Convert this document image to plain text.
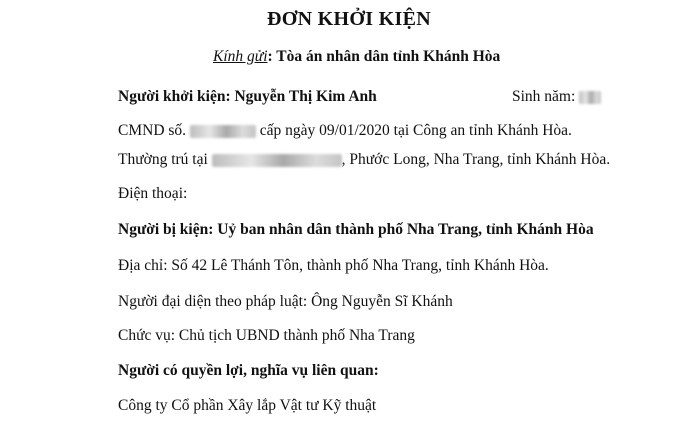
ĐƠN KHỞI KIỆN
Kính gửi: Tòa án nhân dân tỉnh Khánh Hòa
Người khởi kiện: Nguyễn Thị Kim Anh	Sinh năm:
CMND số.	cấp ngày 09/01/2020 tại Công an tỉnh Khánh Hòa.
Thường trú tại	, Phước Long, Nha Trang, tỉnh Khánh Hòa.
Điện thoại:
Người bị kiện: Uỷ ban nhân dân thành phố Nha Trang, tỉnh Khánh Hòa
Địa chỉ: Số 42 Lê Thánh Tôn, thành phố Nha Trang, tỉnh Khánh Hòa.
Người đại diện theo pháp luật: Ông Nguyễn Sĩ Khánh
Chức vụ: Chủ tịch UBND thành phố Nha Trang
Người có quyền lợi, nghĩa vụ liên quan:
Công ty Cổ phần Xây lắp Vật tư Kỹ thuật
